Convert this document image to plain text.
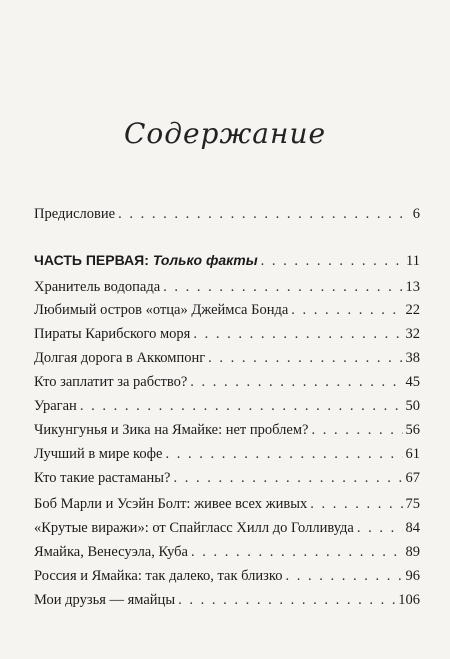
Содержание
Предисловие . . .	6
ЧАСТЬ ПЕРВАЯ: Только факты . . .	11
Хранитель водопада . . .	13
Любимый остров «отца» Джеймса Бонда . . .	22
Пираты Карибского моря . . .	32
Долгая дорога в Аккомпонг . . .	38
Кто заплатит за рабство? . . .	45
Ураган . . .	50
Чикунгунья и Зика на Ямайке: нет проблем? . . .	56
Лучший в мире кофе . . .	61
Кто такие растаманы? . . .	67
Боб Марли и Усэйн Болт: живее всех живых . . .	75
«Крутые виражи»: от Спайгласс Хилл до Голливуда . . .	84
Ямайка, Венесуэла, Куба . . .	89
Россия и Ямайка: так далеко, так близко . . .	96
Мои друзья — ямайцы . . .	106
